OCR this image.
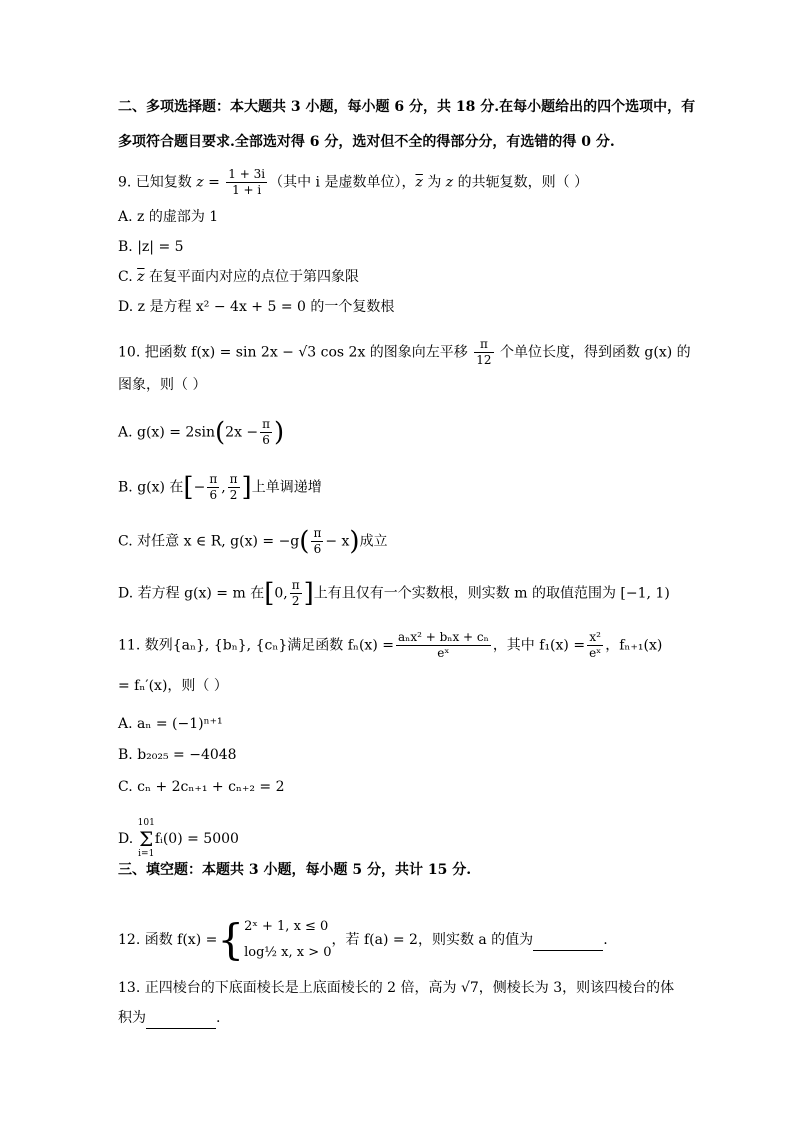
二、多项选择题：本大题共 3 小题，每小题 6 分，共 18 分.在每小题给出的四个选项中，有
多项符合题目要求.全部选对得 6 分，选对但不全的得部分分，有选错的得 0 分.
9. 已知复数 $z = \frac{1 + 3i}{1 + i}$ （其中 i 是虚数单位），$\overline{z}$ 为 z 的共轭复数，则（ ）
A. z 的虚部为 1
B. |z| = 5
C. $\overline{z}$ 在复平面内对应的点位于第四象限
D. z 是方程 x² − 4x + 5 = 0 的一个复数根
10. 把函数 f(x) = sin 2x − √3 cos 2x 的图象向左平移 $\frac{\pi}{12}$ 个单位长度，得到函数 g(x) 的
图象，则（ ）
A. $g(x) = 2\sin(2x - \frac{\pi}{6}$ )
B. g(x) 在[− $\frac{\pi}{6}$ , $\frac{\pi}{2}$ ]上单调递增
C. 对任意 x ∈ R, $g(x) = -g( \frac{\pi}{6} - x)$成立
D. 若方程 g(x) = m 在[0, $\frac{\pi}{2}$ ]上有且仅有一个实数根，则实数 m 的取值范围为 [−1, 1)
11. 数列{aₙ}, {bₙ}, {cₙ}满足函数 $f_n(x) = \frac{\text{aₙx² + bₙx + cₙ}}{\text{eˣ}}$ ，其中 $f_1(x) = \frac{\text{x²}}{\text{eˣ}}$ ，fₙ₊₁(x)
= fₙ′(x)，则（ ）
A. aₙ = (−1)ⁿ⁺¹
B. b₂₀₂₅ = −4048
C. cₙ + 2cₙ₊₁ + cₙ₊₂ = 2
D. 101
Σ
i=1fᵢ(0) = 5000
三、填空题：本题共 3 小题，每小题 5 分，共计 15 分.
12. 函数 f(x) ={ 2ˣ + 1, x ≤ 0
log½ x, x > 0
，若 f(a) = 2，则实数 a 的值为	.
13. 正四棱台的下底面棱长是上底面棱长的 2 倍，高为 √7，侧棱长为 3，则该四棱台的体
积为	.
